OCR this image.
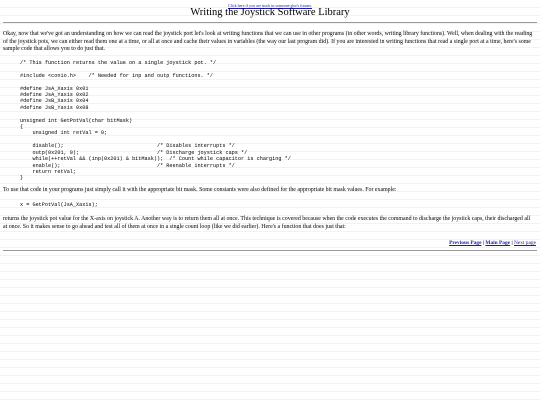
Click here if you are stuck in someone else's frames.
Writing the Joystick Software Library

Okay, now that we've got an understanding on how we can read the joystick port let's look at writing functions that we can use in other programs (in other words, writing library functions). Well, when dealing with the reading of the joystick pots, we can either read them one at a time, or all at once and cache their values in variables (the way our last program did). If you are interested in writing functions that read a single port at a time, here's some sample code that allows you to do just that.

/* This function returns the value on a single joystick pot. */

#include <conio.h>    /* Needed for inp and outp functions. */

#define JsA_Xaxis 0x01
#define JsA_Yaxis 0x02
#define JsB_Xaxis 0x04
#define JsB_Yaxis 0x08

unsigned int GetPotVal(char bitMask)
{
unsigned int retVal = 0;

disable();                              /* Disables interrupts */
outp(0x201, 0);                         /* Discharge joystick caps */
while(++retVal && (inp(0x201) & bitMask));  /* Count while capacitor is charging */
enable();                               /* Reenable interrupts */
return retVal;
}

To use that code in your programs just simply call it with the appropriate bit mask. Some constants were also defined for the appropriate bit mask values. For example:

x = GetPotVal(JsA_Xaxis);

returns the joystick pot value for the X-axis on joystick A. Another way is to return them all at once. This technique is covered because when the code executes the command to discharge the joystick caps, their discharged all at once. So it makes sense to go ahead and test all of them at once in a single count loop (like we did earlier). Here's a function that does just that:

Previous Page | Main Page | Next page
